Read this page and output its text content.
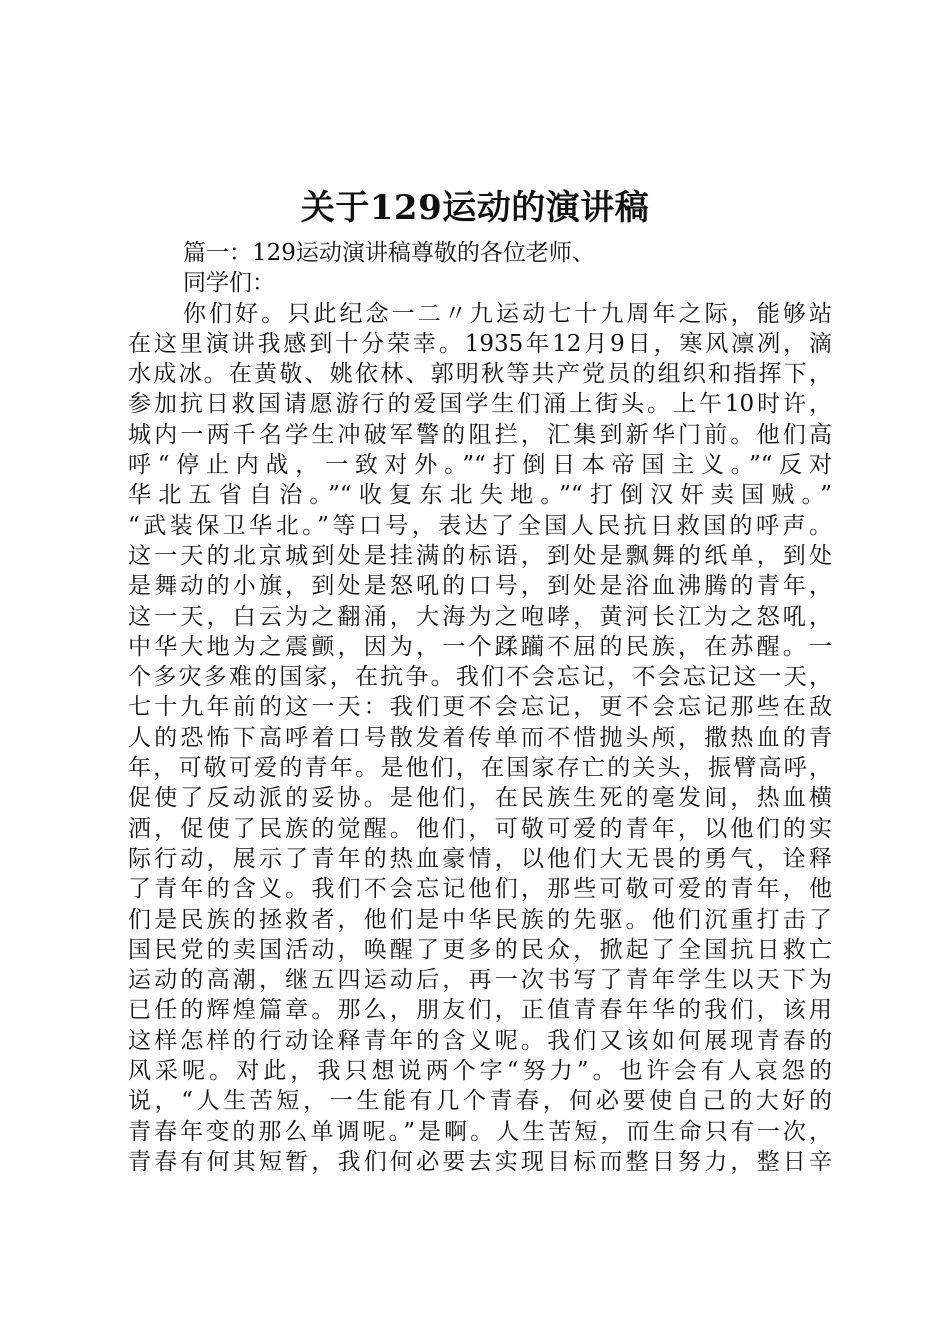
关于129运动的演讲稿
篇一：129运动演讲稿尊敬的各位老师、
同学们：
你们好。只此纪念一二〃九运动七十九周年之际，能够站
在这里演讲我感到十分荣幸。1935年12月9日，寒风凛冽，滴
水成冰。在黄敬、姚依林、郭明秋等共产党员的组织和指挥下，
参加抗日救国请愿游行的爱国学生们涌上街头。上午10时许，
城内一两千名学生冲破军警的阻拦，汇集到新华门前。他们高
呼“停止内战，一致对外。”“打倒日本帝国主义。”“反对
华北五省自治。”“收复东北失地。”“打倒汉奸卖国贼。”
“武装保卫华北。”等口号，表达了全国人民抗日救国的呼声。
这一天的北京城到处是挂满的标语，到处是飘舞的纸单，到处
是舞动的小旗，到处是怒吼的口号，到处是浴血沸腾的青年，
这一天，白云为之翻涌，大海为之咆哮，黄河长江为之怒吼，
中华大地为之震颤，因为，一个蹂躏不屈的民族，在苏醒。一
个多灾多难的国家，在抗争。我们不会忘记，不会忘记这一天，
七十九年前的这一天：我们更不会忘记，更不会忘记那些在敌
人的恐怖下高呼着口号散发着传单而不惜抛头颅，撒热血的青
年，可敬可爱的青年。是他们，在国家存亡的关头，振臂高呼，
促使了反动派的妥协。是他们，在民族生死的毫发间，热血横
洒，促使了民族的觉醒。他们，可敬可爱的青年，以他们的实
际行动，展示了青年的热血豪情，以他们大无畏的勇气，诠释
了青年的含义。我们不会忘记他们，那些可敬可爱的青年，他
们是民族的拯救者，他们是中华民族的先驱。他们沉重打击了
国民党的卖国活动，唤醒了更多的民众，掀起了全国抗日救亡
运动的高潮，继五四运动后，再一次书写了青年学生以天下为
已任的辉煌篇章。那么，朋友们，正值青春年华的我们，该用
这样怎样的行动诠释青年的含义呢。我们又该如何展现青春的
风采呢。对此，我只想说两个字“努力”。也许会有人哀怨的
说，“人生苦短，一生能有几个青春，何必要使自己的大好的
青春年变的那么单调呢。”是啊。人生苦短，而生命只有一次，
青春有何其短暂，我们何必要去实现目标而整日努力，整日辛
